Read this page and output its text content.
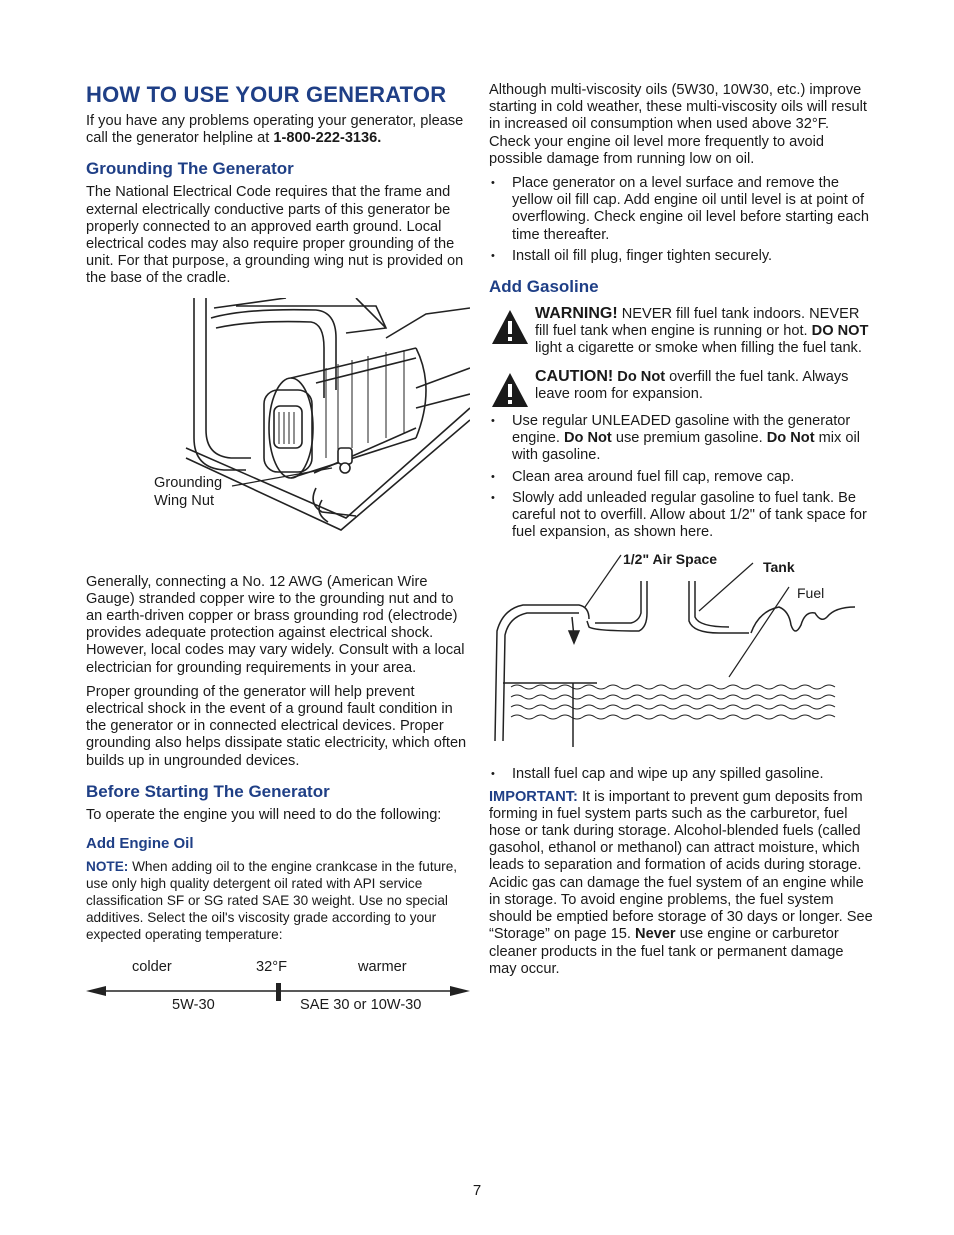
HOW TO USE YOUR GENERATOR

If you have any problems operating your generator, please call the generator helpline at 1-800-222-3136.

Grounding The Generator

The National Electrical Code requires that the frame and external electrically conductive parts of this generator be properly connected to an approved earth ground. Local electrical codes may also require proper grounding of the unit. For that purpose, a grounding wing nut is provided on the base of the cradle.

Grounding
Wing Nut

Generally, connecting a No. 12 AWG (American Wire Gauge) stranded copper wire to the grounding nut and to an earth-driven copper or brass grounding rod (electrode) provides adequate protection against electrical shock. However, local codes may vary widely. Consult with a local electrician for grounding requirements in your area.

Proper grounding of the generator will help prevent electrical shock in the event of a ground fault condition in the generator or in connected electrical devices. Proper grounding also helps dissipate static electricity, which often builds up in ungrounded devices.

Before Starting The Generator

To operate the engine you will need to do the following:

Add Engine Oil

NOTE: When adding oil to the engine crankcase in the future, use only high quality detergent oil rated with API service classification SF or SG rated SAE 30 weight. Use no special additives. Select the oil's viscosity grade according to your expected operating temperature:

colder	32°F	warmer
5W-30	SAE 30 or 10W-30

Although multi-viscosity oils (5W30, 10W30, etc.) improve starting in cold weather, these multi-viscosity oils will result in increased oil consumption when used above 32°F. Check your engine oil level more frequently to avoid possible damage from running low on oil.

• Place generator on a level surface and remove the yellow oil fill cap. Add engine oil until level is at point of overflowing. Check engine oil level before starting each time thereafter.
• Install oil fill plug, finger tighten securely.
Add Gasoline
WARNING! NEVER fill fuel tank indoors. NEVER fill fuel tank when engine is running or hot. DO NOT light a cigarette or smoke when filling the fuel tank.
CAUTION! Do Not overfill the fuel tank. Always leave room for expansion.
• Use regular UNLEADED gasoline with the generator engine. Do Not use premium gasoline. Do Not mix oil with gasoline.
• Clean area around fuel fill cap, remove cap.
• Slowly add unleaded regular gasoline to fuel tank. Be careful not to overfill. Allow about 1/2" of tank space for fuel expansion, as shown here.
1/2" Air Space	Tank
Fuel
• Install fuel cap and wipe up any spilled gasoline.

IMPORTANT: It is important to prevent gum deposits from forming in fuel system parts such as the carburetor, fuel hose or tank during storage. Alcohol-blended fuels (called gasohol, ethanol or methanol) can attract moisture, which leads to separation and formation of acids during storage. Acidic gas can damage the fuel system of an engine while in storage. To avoid engine problems, the fuel system should be emptied before storage of 30 days or longer. See “Storage” on page 15. Never use engine or carburetor cleaner products in the fuel tank or permanent damage may occur.

7
